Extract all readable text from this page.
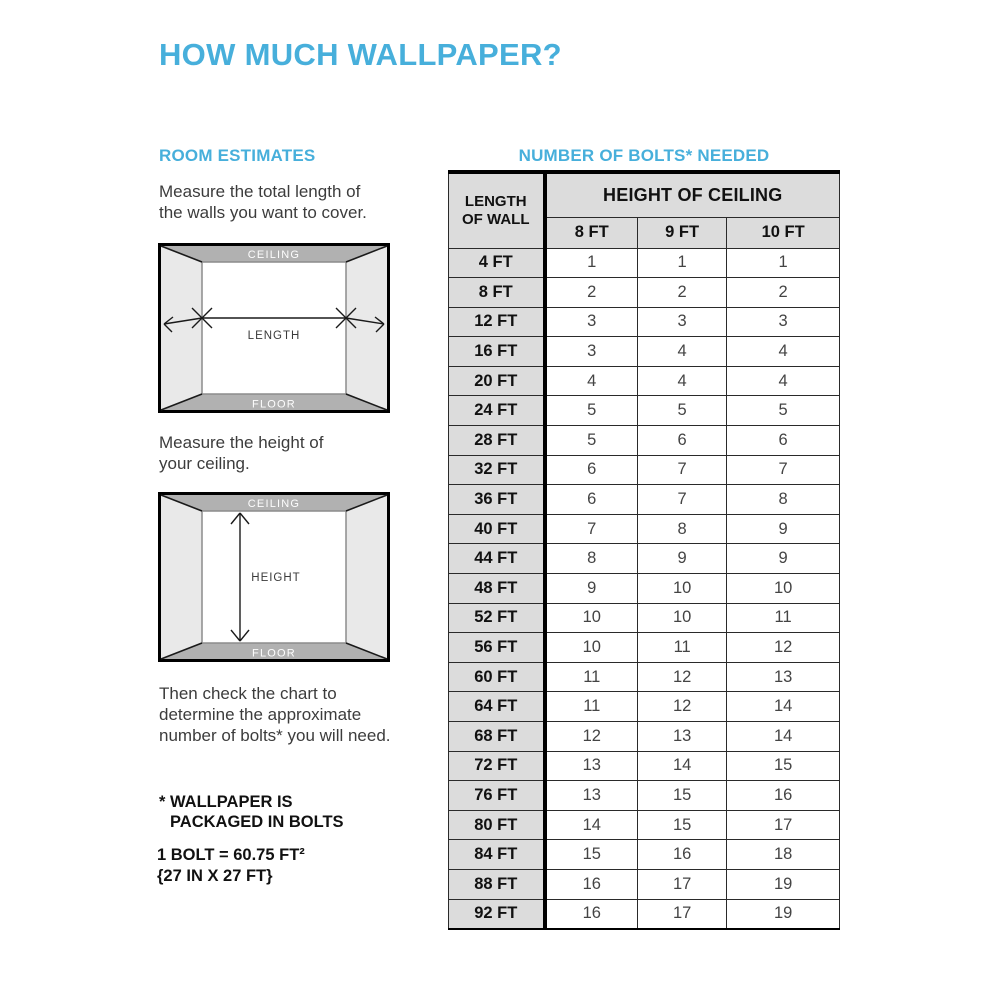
HOW MUCH WALLPAPER?
ROOM ESTIMATES

Measure the total length of
the walls you want to cover.

CEILING
FLOOR
LENGTH

Measure the height of
your ceiling.

CEILING
FLOOR
HEIGHT

Then check the chart to
determine the approximate
number of bolts* you will need.

* WALLPAPER IS
PACKAGED IN BOLTS

1 BOLT = 60.75 FT²
{27 IN X 27 FT}

NUMBER OF BOLTS* NEEDED
LENGTH OF WALL	HEIGHT OF CEILING		
	8 FT	9 FT	10 FT
4 FT	1	1	1
8 FT	2	2	2
12 FT	3	3	3
16 FT	3	4	4
20 FT	4	4	4
24 FT	5	5	5
28 FT	5	6	6
32 FT	6	7	7
36 FT	6	7	8
40 FT	7	8	9
44 FT	8	9	9
48 FT	9	10	10
52 FT	10	10	11
56 FT	10	11	12
60 FT	11	12	13
64 FT	11	12	14
68 FT	12	13	14
72 FT	13	14	15
76 FT	13	15	16
80 FT	14	15	17
84 FT	15	16	18
88 FT	16	17	19
92 FT	16	17	19
